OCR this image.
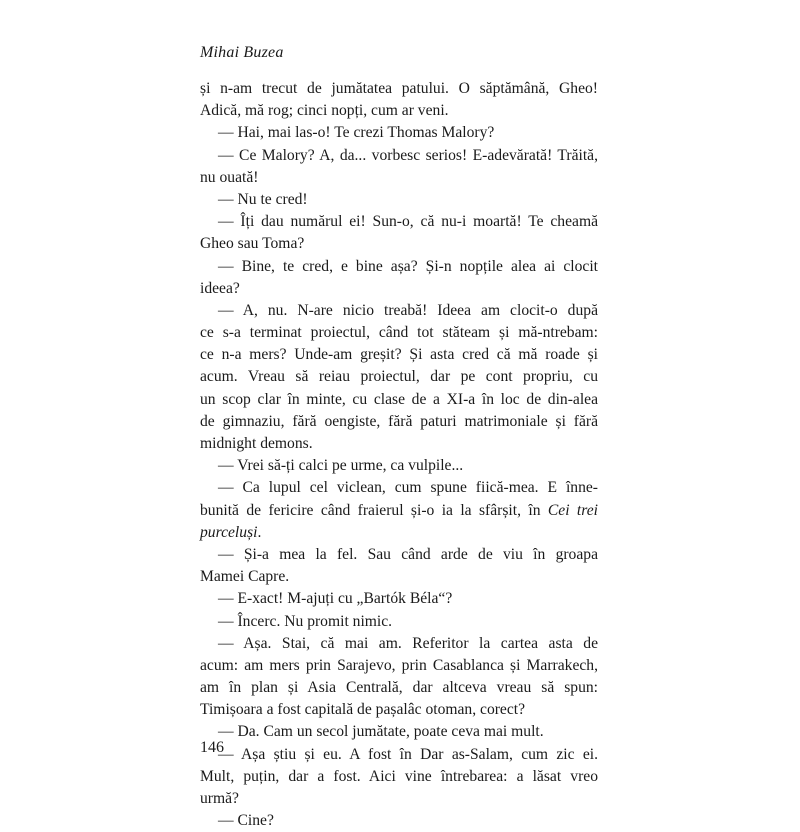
Mihai Buzea
și n-am trecut de jumătatea patului. O săptămână, Gheo!
Adică, mă rog; cinci nopți, cum ar veni.
— Hai, mai las-o! Te crezi Thomas Malory?
— Ce Malory? A, da... vorbesc serios! E-adevărată! Trăită,
nu ouată!
— Nu te cred!
— Îți dau numărul ei! Sun-o, că nu-i moartă! Te cheamă
Gheo sau Toma?
— Bine, te cred, e bine așa? Și-n nopțile alea ai clocit
ideea?
— A, nu. N-are nicio treabă! Ideea am clocit-o după
ce s-a terminat proiectul, când tot stăteam și mă-ntrebam:
ce n-a mers? Unde-am greșit? Și asta cred că mă roade și
acum. Vreau să reiau proiectul, dar pe cont propriu, cu
un scop clar în minte, cu clase de a XI-a în loc de din-alea
de gimnaziu, fără oengiste, fără paturi matrimoniale și fără
midnight demons.
— Vrei să-ți calci pe urme, ca vulpile...
— Ca lupul cel viclean, cum spune fiică-mea. E înne-
bunită de fericire când fraierul și-o ia la sfârșit, în Cei trei
purceluși.
— Și-a mea la fel. Sau când arde de viu în groapa
Mamei Capre.
— E-xact! M-ajuți cu „Bartók Béla“?
— Încerc. Nu promit nimic.
— Așa. Stai, că mai am. Referitor la cartea asta de
acum: am mers prin Sarajevo, prin Casablanca și Marrakech,
am în plan și Asia Centrală, dar altceva vreau să spun:
Timișoara a fost capitală de pașalâc otoman, corect?
— Da. Cam un secol jumătate, poate ceva mai mult.
— Așa știu și eu. A fost în Dar as-Salam, cum zic ei.
Mult, puțin, dar a fost. Aici vine întrebarea: a lăsat vreo
urmă?
— Cine?
146
